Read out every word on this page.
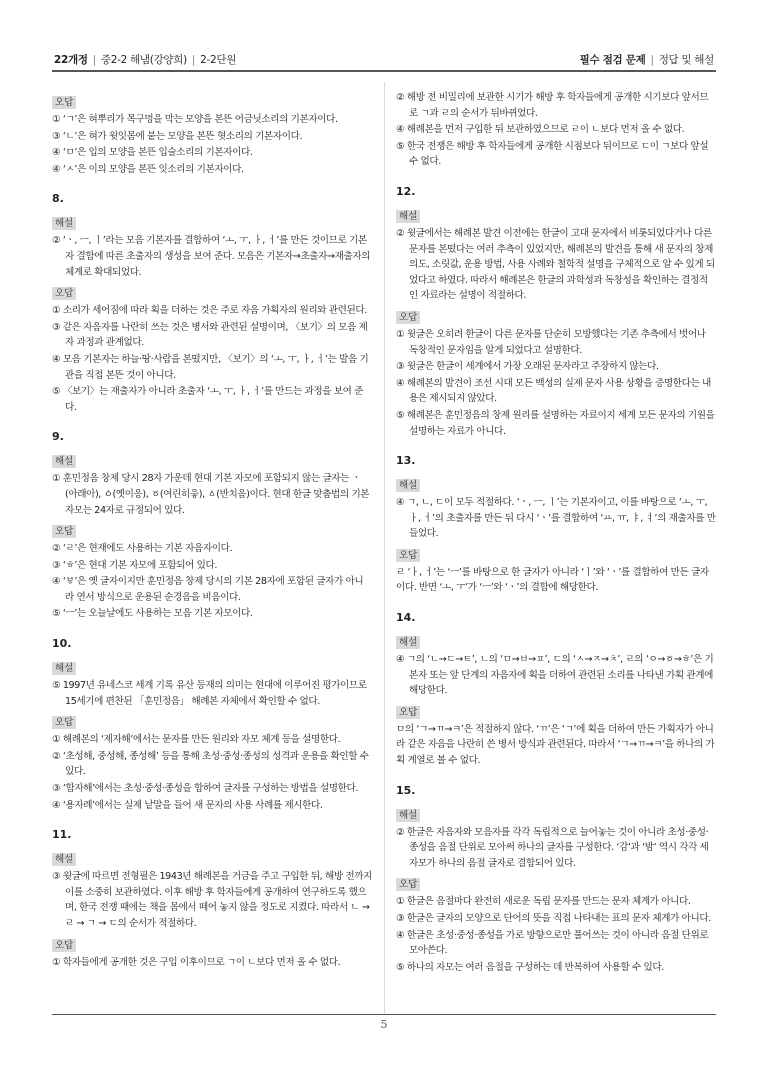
22개정 | 중2-2 해냄(강양희) | 2-2단원	필수 점검 문제 | 정답 및 해설
오답
① ‘ㄱ’은 혀뿌리가 목구멍을 막는 모양을 본뜬 어금닛소리의 기본자이다.
③ ‘ㄴ’은 혀가 윗잇몸에 붙는 모양을 본뜬 혓소리의 기본자이다.
④ ‘ㅁ’은 입의 모양을 본뜬 입술소리의 기본자이다.
④ ‘ㅅ’은 이의 모양을 본뜬 잇소리의 기본자이다.
8.
해설
② ‘ㆍ, ㅡ, ㅣ’라는 모음 기본자를 결합하여 ‘ㅗ, ㅜ, ㅏ, ㅓ’를 만든 것이므로 기본자 결합에 따른 초출자의 생성을 보여 준다. 모음은 기본자→초출자→재출자의 체계로 확대되었다.
오답
① 소리가 세어짐에 따라 획을 더하는 것은 주로 자음 가획자의 원리와 관련된다.
③ 같은 자음자를 나란히 쓰는 것은 병서와 관련된 설명이며, 〈보기〉의 모음 제자 과정과 관계없다.
④ 모음 기본자는 하늘·땅·사람을 본떴지만, 〈보기〉의 ‘ㅗ, ㅜ, ㅏ, ㅓ’는 발음 기관을 직접 본뜬 것이 아니다.
⑤ 〈보기〉는 재출자가 아니라 초출자 ‘ㅗ, ㅜ, ㅏ, ㅓ’를 만드는 과정을 보여 준다.
9.
해설
① 훈민정음 창제 당시 28자 가운데 현대 기본 자모에 포함되지 않는 글자는 ㆍ(아래아), ㆁ(옛이응), ㆆ(여린히읗), ㅿ(반치음)이다. 현대 한글 맞춤법의 기본 자모는 24자로 규정되어 있다.
오답
② ‘ㄹ’은 현재에도 사용하는 기본 자음자이다.
③ ‘ㅎ’은 현대 기본 자모에 포함되어 있다.
④ ‘ㅸ’은 옛 글자이지만 훈민정음 창제 당시의 기본 28자에 포함된 글자가 아니라 연서 방식으로 운용된 순경음을 비음이다.
⑤ ‘ㅡ’는 오늘날에도 사용하는 모음 기본 자모이다.
10.
해설
⑤ 1997년 유네스코 세계 기록 유산 등재의 의미는 현대에 이루어진 평가이므로 15세기에 편찬된 「훈민정음」 해례본 자체에서 확인할 수 없다.
오답
① 해례본의 ‘제자해’에서는 문자를 만든 원리와 자모 체계 등을 설명한다.
② ‘초성해, 중성해, 종성해’ 등을 통해 초성·중성·종성의 성격과 운용을 확인할 수 있다.
③ ‘합자해’에서는 초성·중성·종성을 합하여 글자를 구성하는 방법을 설명한다.
④ ‘용자례’에서는 실제 낱말을 들어 새 문자의 사용 사례를 제시한다.
11.
해설
③ 윗글에 따르면 전형필은 1943년 해례본을 거금을 주고 구입한 뒤, 해방 전까지 이를 소중히 보관하였다. 이후 해방 후 학자들에게 공개하여 연구하도록 했으며, 한국 전쟁 때에는 책을 몸에서 떼어 놓지 않을 정도로 지켰다. 따라서 ㄴ → ㄹ → ㄱ → ㄷ의 순서가 적절하다.
오답
① 학자들에게 공개한 것은 구입 이후이므로 ㄱ이 ㄴ보다 먼저 올 수 없다.
② 해방 전 비밀리에 보관한 시기가 해방 후 학자들에게 공개한 시기보다 앞서므로 ㄱ과 ㄹ의 순서가 뒤바뀌었다.
④ 해례본을 먼저 구입한 뒤 보관하였으므로 ㄹ이 ㄴ보다 먼저 올 수 없다.
⑤ 한국 전쟁은 해방 후 학자들에게 공개한 시점보다 뒤이므로 ㄷ이 ㄱ보다 앞설 수 없다.
12.
해설
② 윗글에서는 해례본 발견 이전에는 한글이 고대 문자에서 비롯되었다거나 다른 문자를 본떴다는 여러 추측이 있었지만, 해례본의 발견을 통해 새 문자의 창제 의도, 소릿값, 운용 방법, 사용 사례와 철학적 설명을 구체적으로 알 수 있게 되었다고 하였다. 따라서 해례본은 한글의 과학성과 독창성을 확인하는 결정적인 자료라는 설명이 적절하다.
오답
① 윗글은 오히려 한글이 다른 문자를 단순히 모방했다는 기존 추측에서 벗어나 독창적인 문자임을 알게 되었다고 설명한다.
③ 윗글은 한글이 세계에서 가장 오래된 문자라고 주장하지 않는다.
④ 해례본의 발견이 조선 시대 모든 백성의 실제 문자 사용 상황을 증명한다는 내용은 제시되지 않았다.
⑤ 해례본은 훈민정음의 창제 원리를 설명하는 자료이지 세계 모든 문자의 기원을 설명하는 자료가 아니다.
13.
해설
④ ㄱ, ㄴ, ㄷ이 모두 적절하다. ‘ㆍ, ㅡ, ㅣ’는 기본자이고, 이를 바탕으로 ‘ㅗ, ㅜ, ㅏ, ㅓ’의 초출자를 만든 뒤 다시 ‘ㆍ’를 결합하여 ‘ㅛ, ㅠ, ㅑ, ㅕ’의 재출자를 만들었다.
오답
ㄹ ‘ㅏ, ㅓ’는 ‘ㅡ’를 바탕으로 한 글자가 아니라 ‘ㅣ’와 ‘ㆍ’를 결합하여 만든 글자이다. 반면 ‘ㅗ, ㅜ’가 ‘ㅡ’와 ‘ㆍ’의 결합에 해당한다.
14.
해설
④ ㄱ의 ‘ㄴ→ㄷ→ㅌ’, ㄴ의 ‘ㅁ→ㅂ→ㅍ’, ㄷ의 ‘ㅅ→ㅈ→ㅊ’, ㄹ의 ‘ㅇ→ㆆ→ㅎ’은 기본자 또는 앞 단계의 자음자에 획을 더하여 관련된 소리를 나타낸 가획 관계에 해당한다.
오답
ㅁ의 ‘ㄱ→ㄲ→ㅋ’은 적절하지 않다. ‘ㄲ’은 ‘ㄱ’에 획을 더하여 만든 가획자가 아니라 같은 자음을 나란히 쓴 병서 방식과 관련된다. 따라서 ‘ㄱ→ㄲ→ㅋ’을 하나의 가획 계열로 볼 수 없다.
15.
해설
② 한글은 자음자와 모음자를 각각 독립적으로 늘어놓는 것이 아니라 초성·중성·종성을 음절 단위로 모아써 하나의 글자를 구성한다. ‘감’과 ‘밤’ 역시 각각 세 자모가 하나의 음절 글자로 결합되어 있다.
오답
① 한글은 음절마다 완전히 새로운 독립 문자를 만드는 문자 체계가 아니다.
③ 한글은 글자의 모양으로 단어의 뜻을 직접 나타내는 표의 문자 체계가 아니다.
④ 한글은 초성·중성·종성을 가로 방향으로만 풀어쓰는 것이 아니라 음절 단위로 모아쓴다.
⑤ 하나의 자모는 여러 음절을 구성하는 데 반복하여 사용할 수 있다.
5
